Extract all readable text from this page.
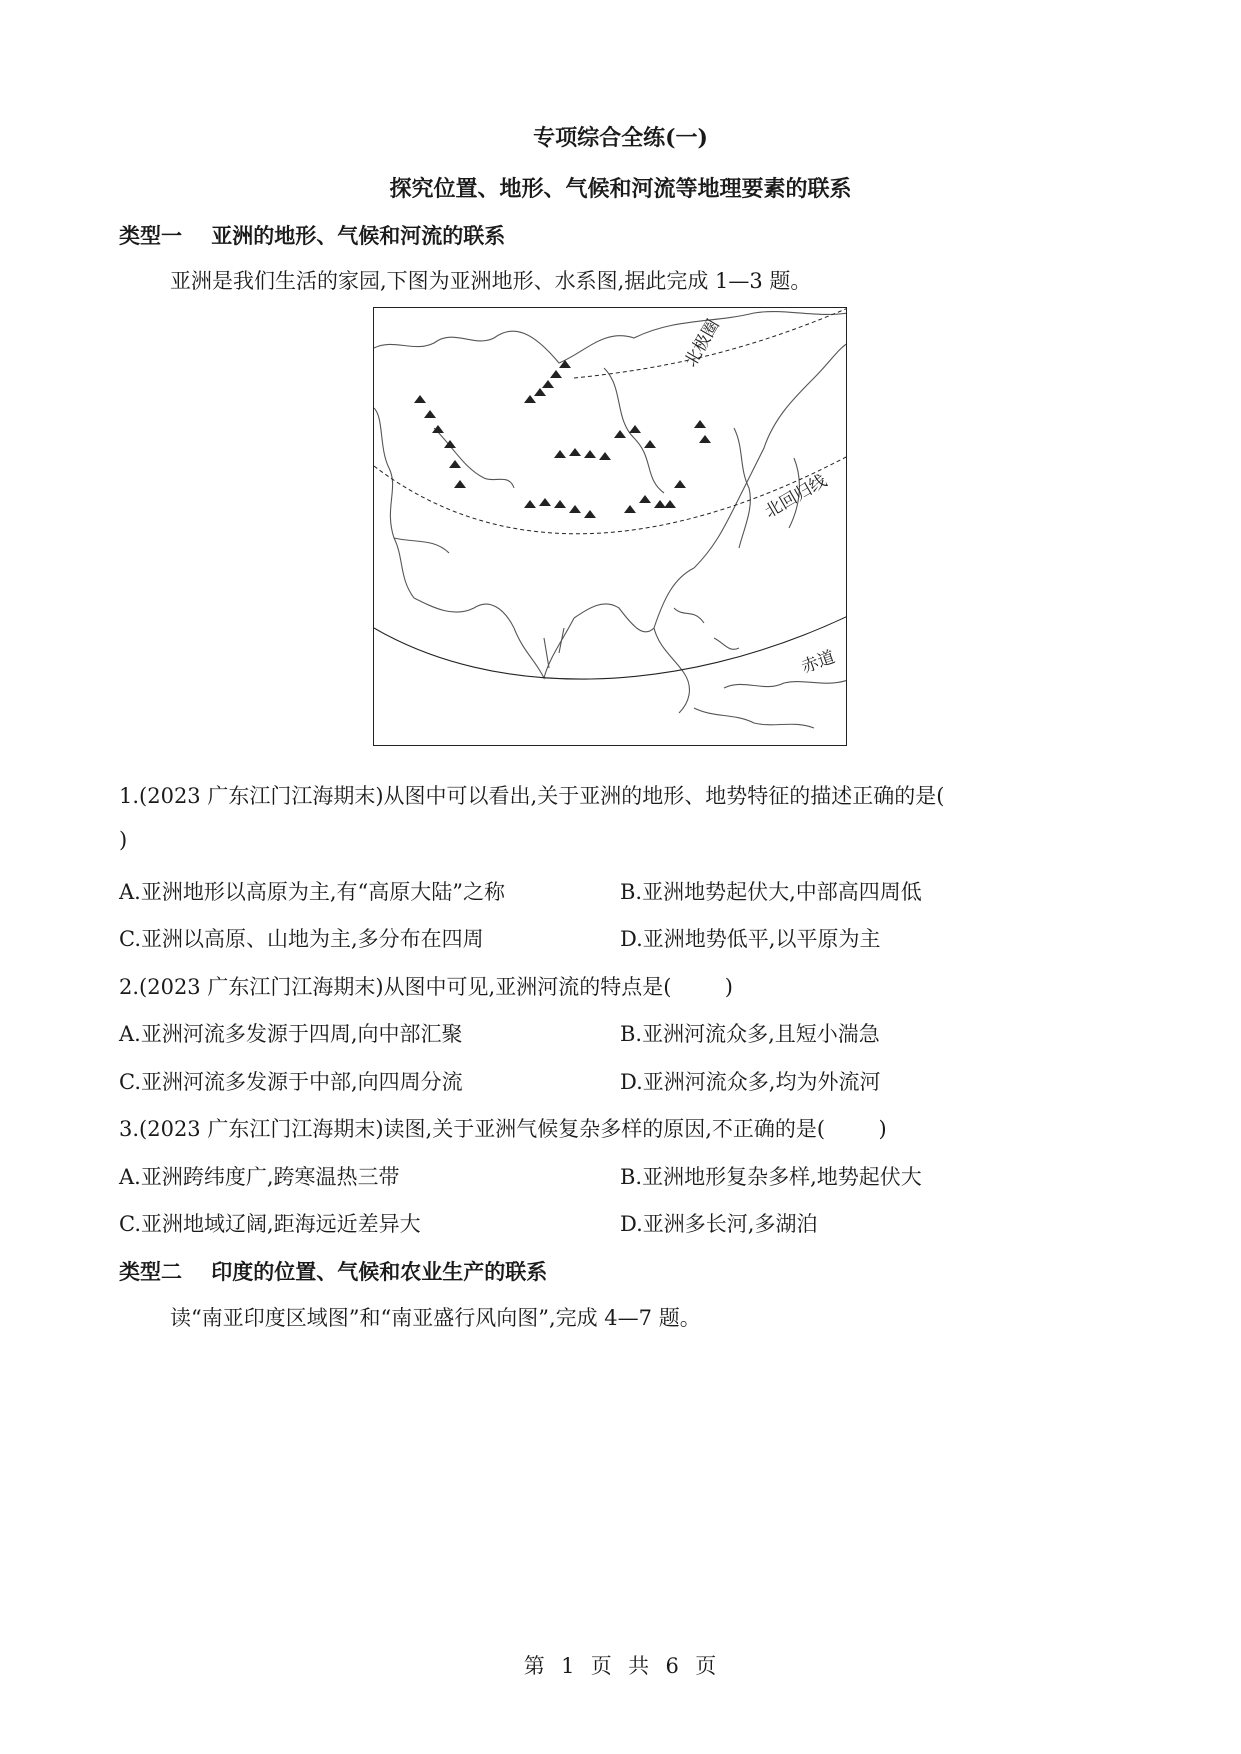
专项综合全练(一)
探究位置、地形、气候和河流等地理要素的联系
类型一    亚洲的地形、气候和河流的联系
亚洲是我们生活的家园,下图为亚洲地形、水系图,据此完成 1—3 题。
北极圈
北回归线
赤道
1.(2023 广东江门江海期末)从图中可以看出,关于亚洲的地形、地势特征的描述正确的是(
)
A.亚洲地形以高原为主,有“高原大陆”之称	B.亚洲地势起伏大,中部高四周低
C.亚洲以高原、山地为主,多分布在四周	D.亚洲地势低平,以平原为主
2.(2023 广东江门江海期末)从图中可见,亚洲河流的特点是(        )
A.亚洲河流多发源于四周,向中部汇聚	B.亚洲河流众多,且短小湍急
C.亚洲河流多发源于中部,向四周分流	D.亚洲河流众多,均为外流河
3.(2023 广东江门江海期末)读图,关于亚洲气候复杂多样的原因,不正确的是(        )
A.亚洲跨纬度广,跨寒温热三带	B.亚洲地形复杂多样,地势起伏大
C.亚洲地域辽阔,距海远近差异大	D.亚洲多长河,多湖泊
类型二    印度的位置、气候和农业生产的联系
读“南亚印度区域图”和“南亚盛行风向图”,完成 4—7 题。
第  1  页  共  6  页
